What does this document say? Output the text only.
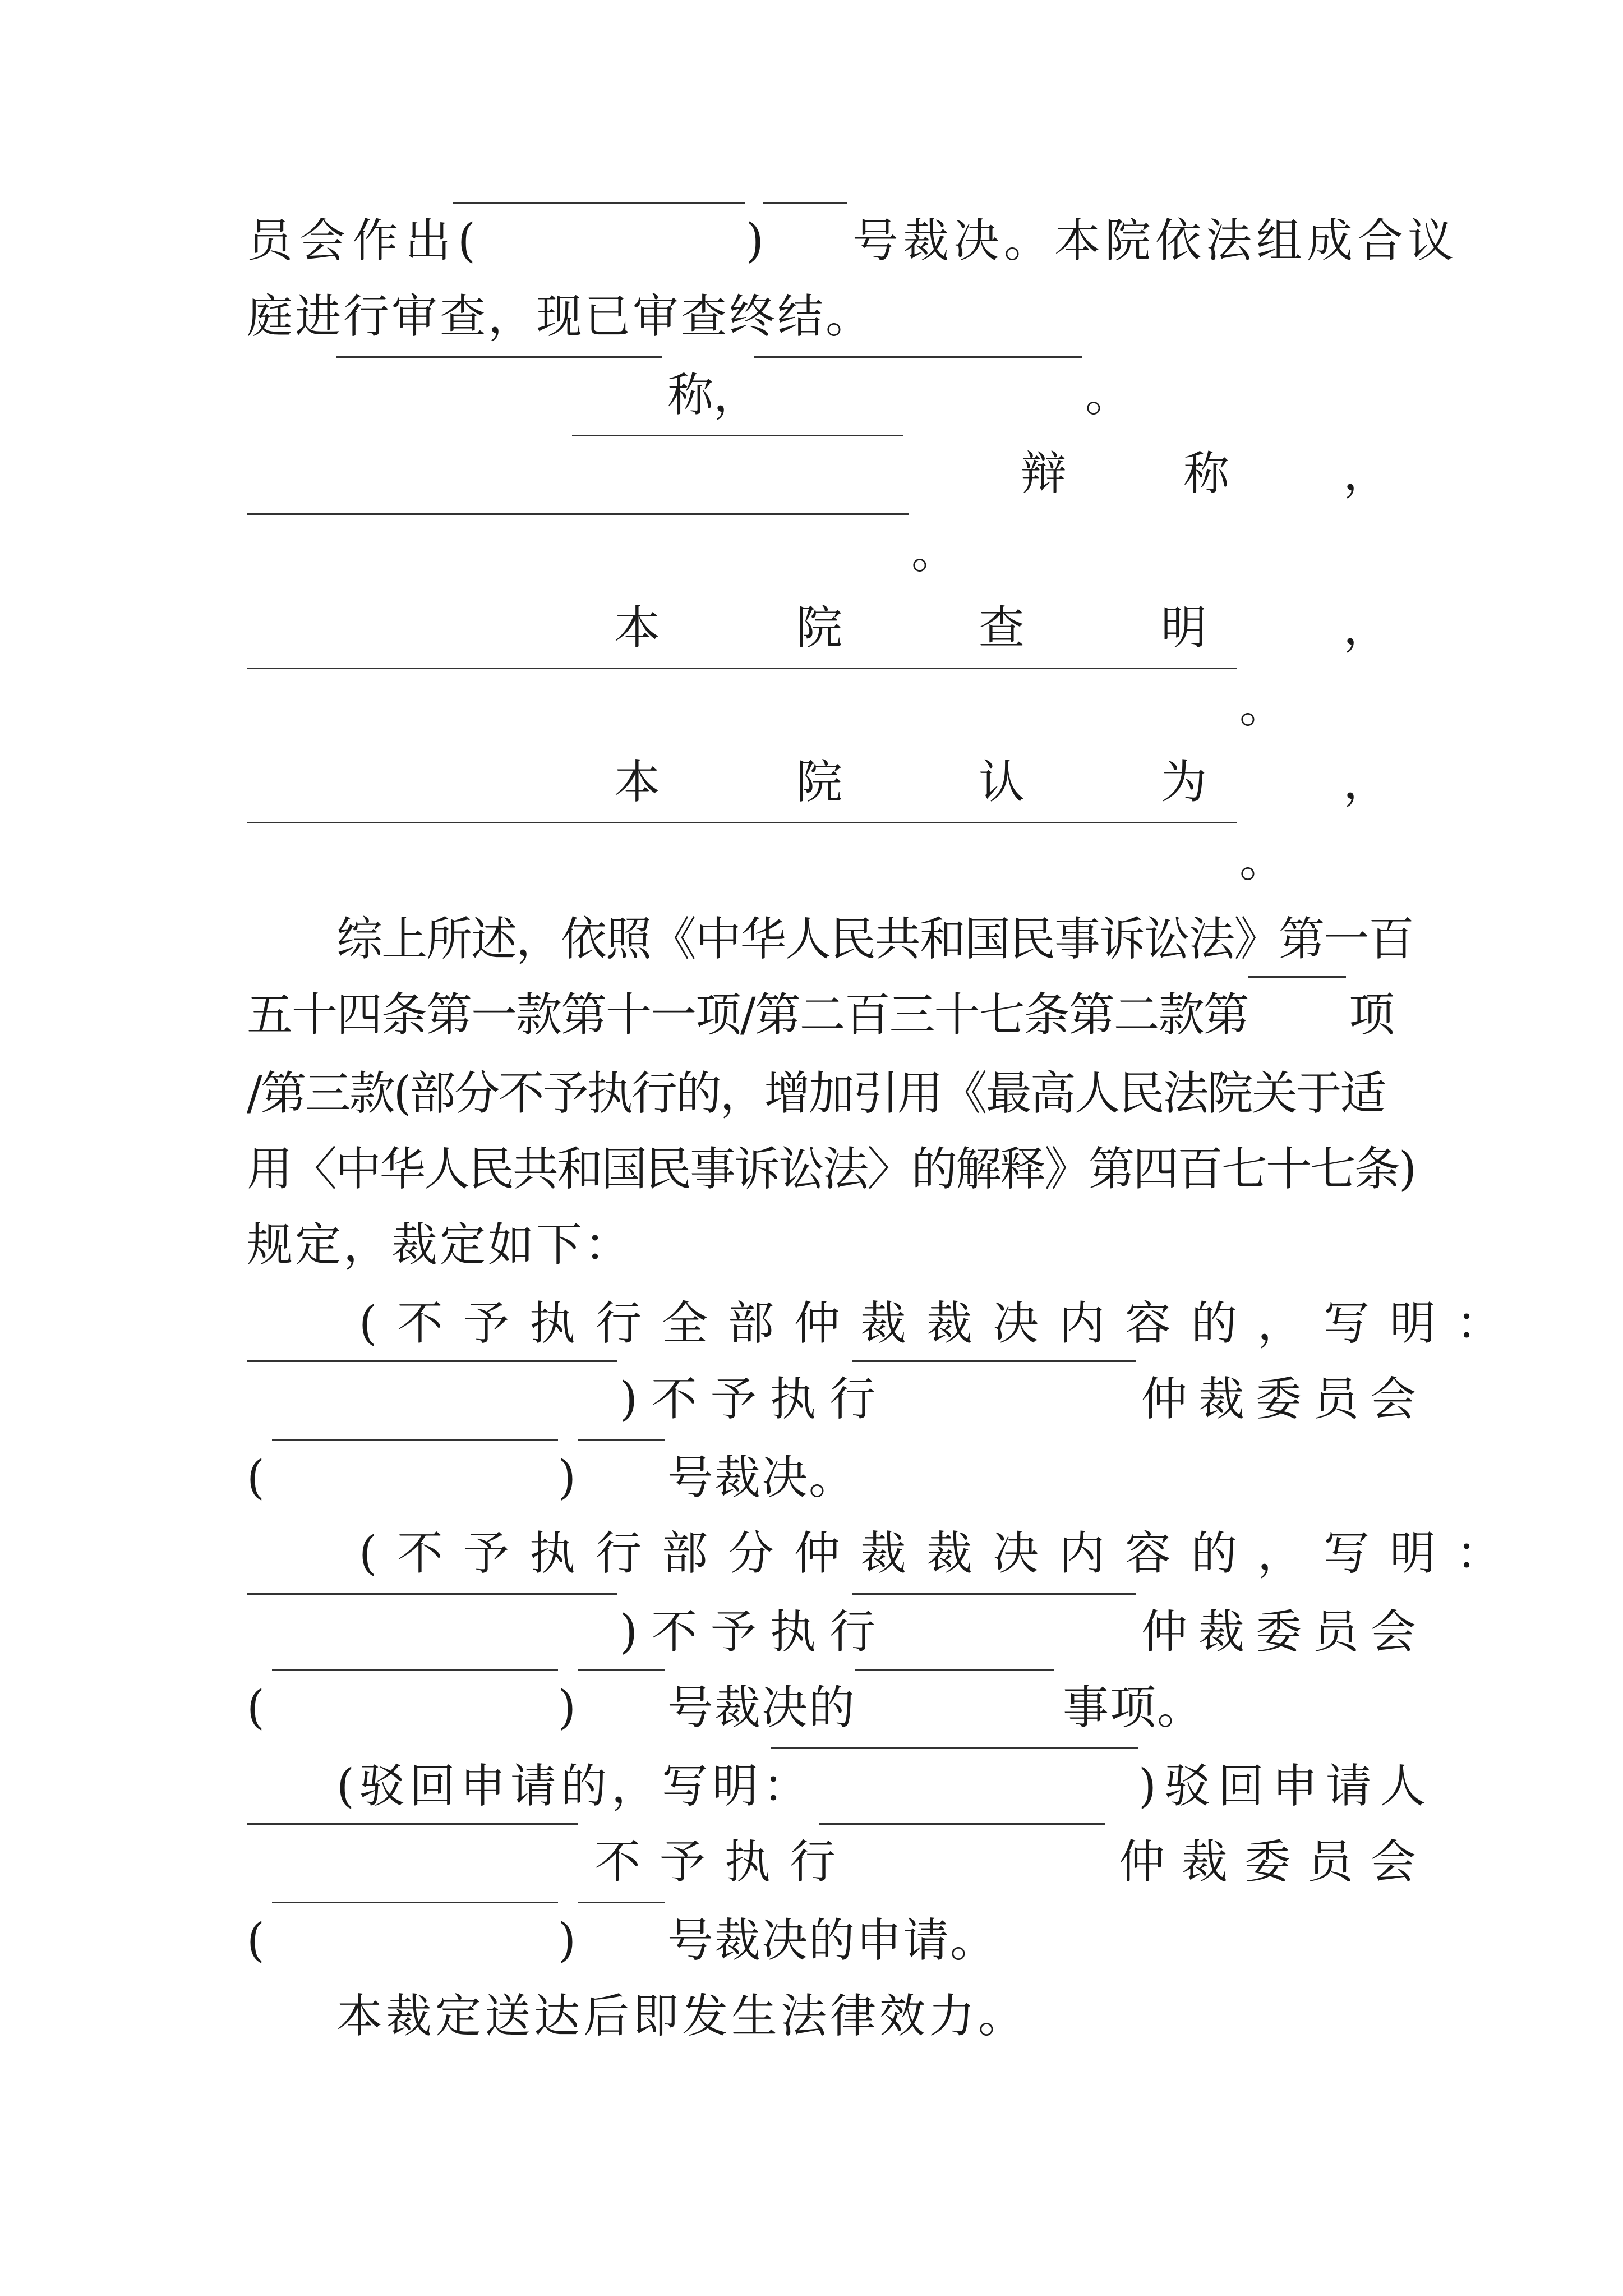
员会作出(	) 号裁决。本院依法组成合议
庭进行审查，现已审查终结。
称，	。
辩	称 ，
。
本	院	查	明	，
。
本	院	认	为	，
。
综上所述，依照《中华人民共和国民事诉讼法》第一百
五十四条第一款第十一项/第二百三十七条第二款第 项
/第三款(部分不予执行的，增加引用《最高人民法院关于适
用〈中华人民共和国民事诉讼法〉的解释》第四百七十七条)
规定，裁定如下：
(不予执行全部仲裁裁决内容的，写明：
)不予执行	仲裁委员会
(	) 号裁决。
(不予执行部分仲裁裁决内容的，写明：
)不予执行	仲裁委员会
(	) 号裁决的	事项。
(驳回申请的，写明：	)驳回申请人
不予执行	仲裁委员会
(	) 号裁决的申请。
本裁定送达后即发生法律效力。
